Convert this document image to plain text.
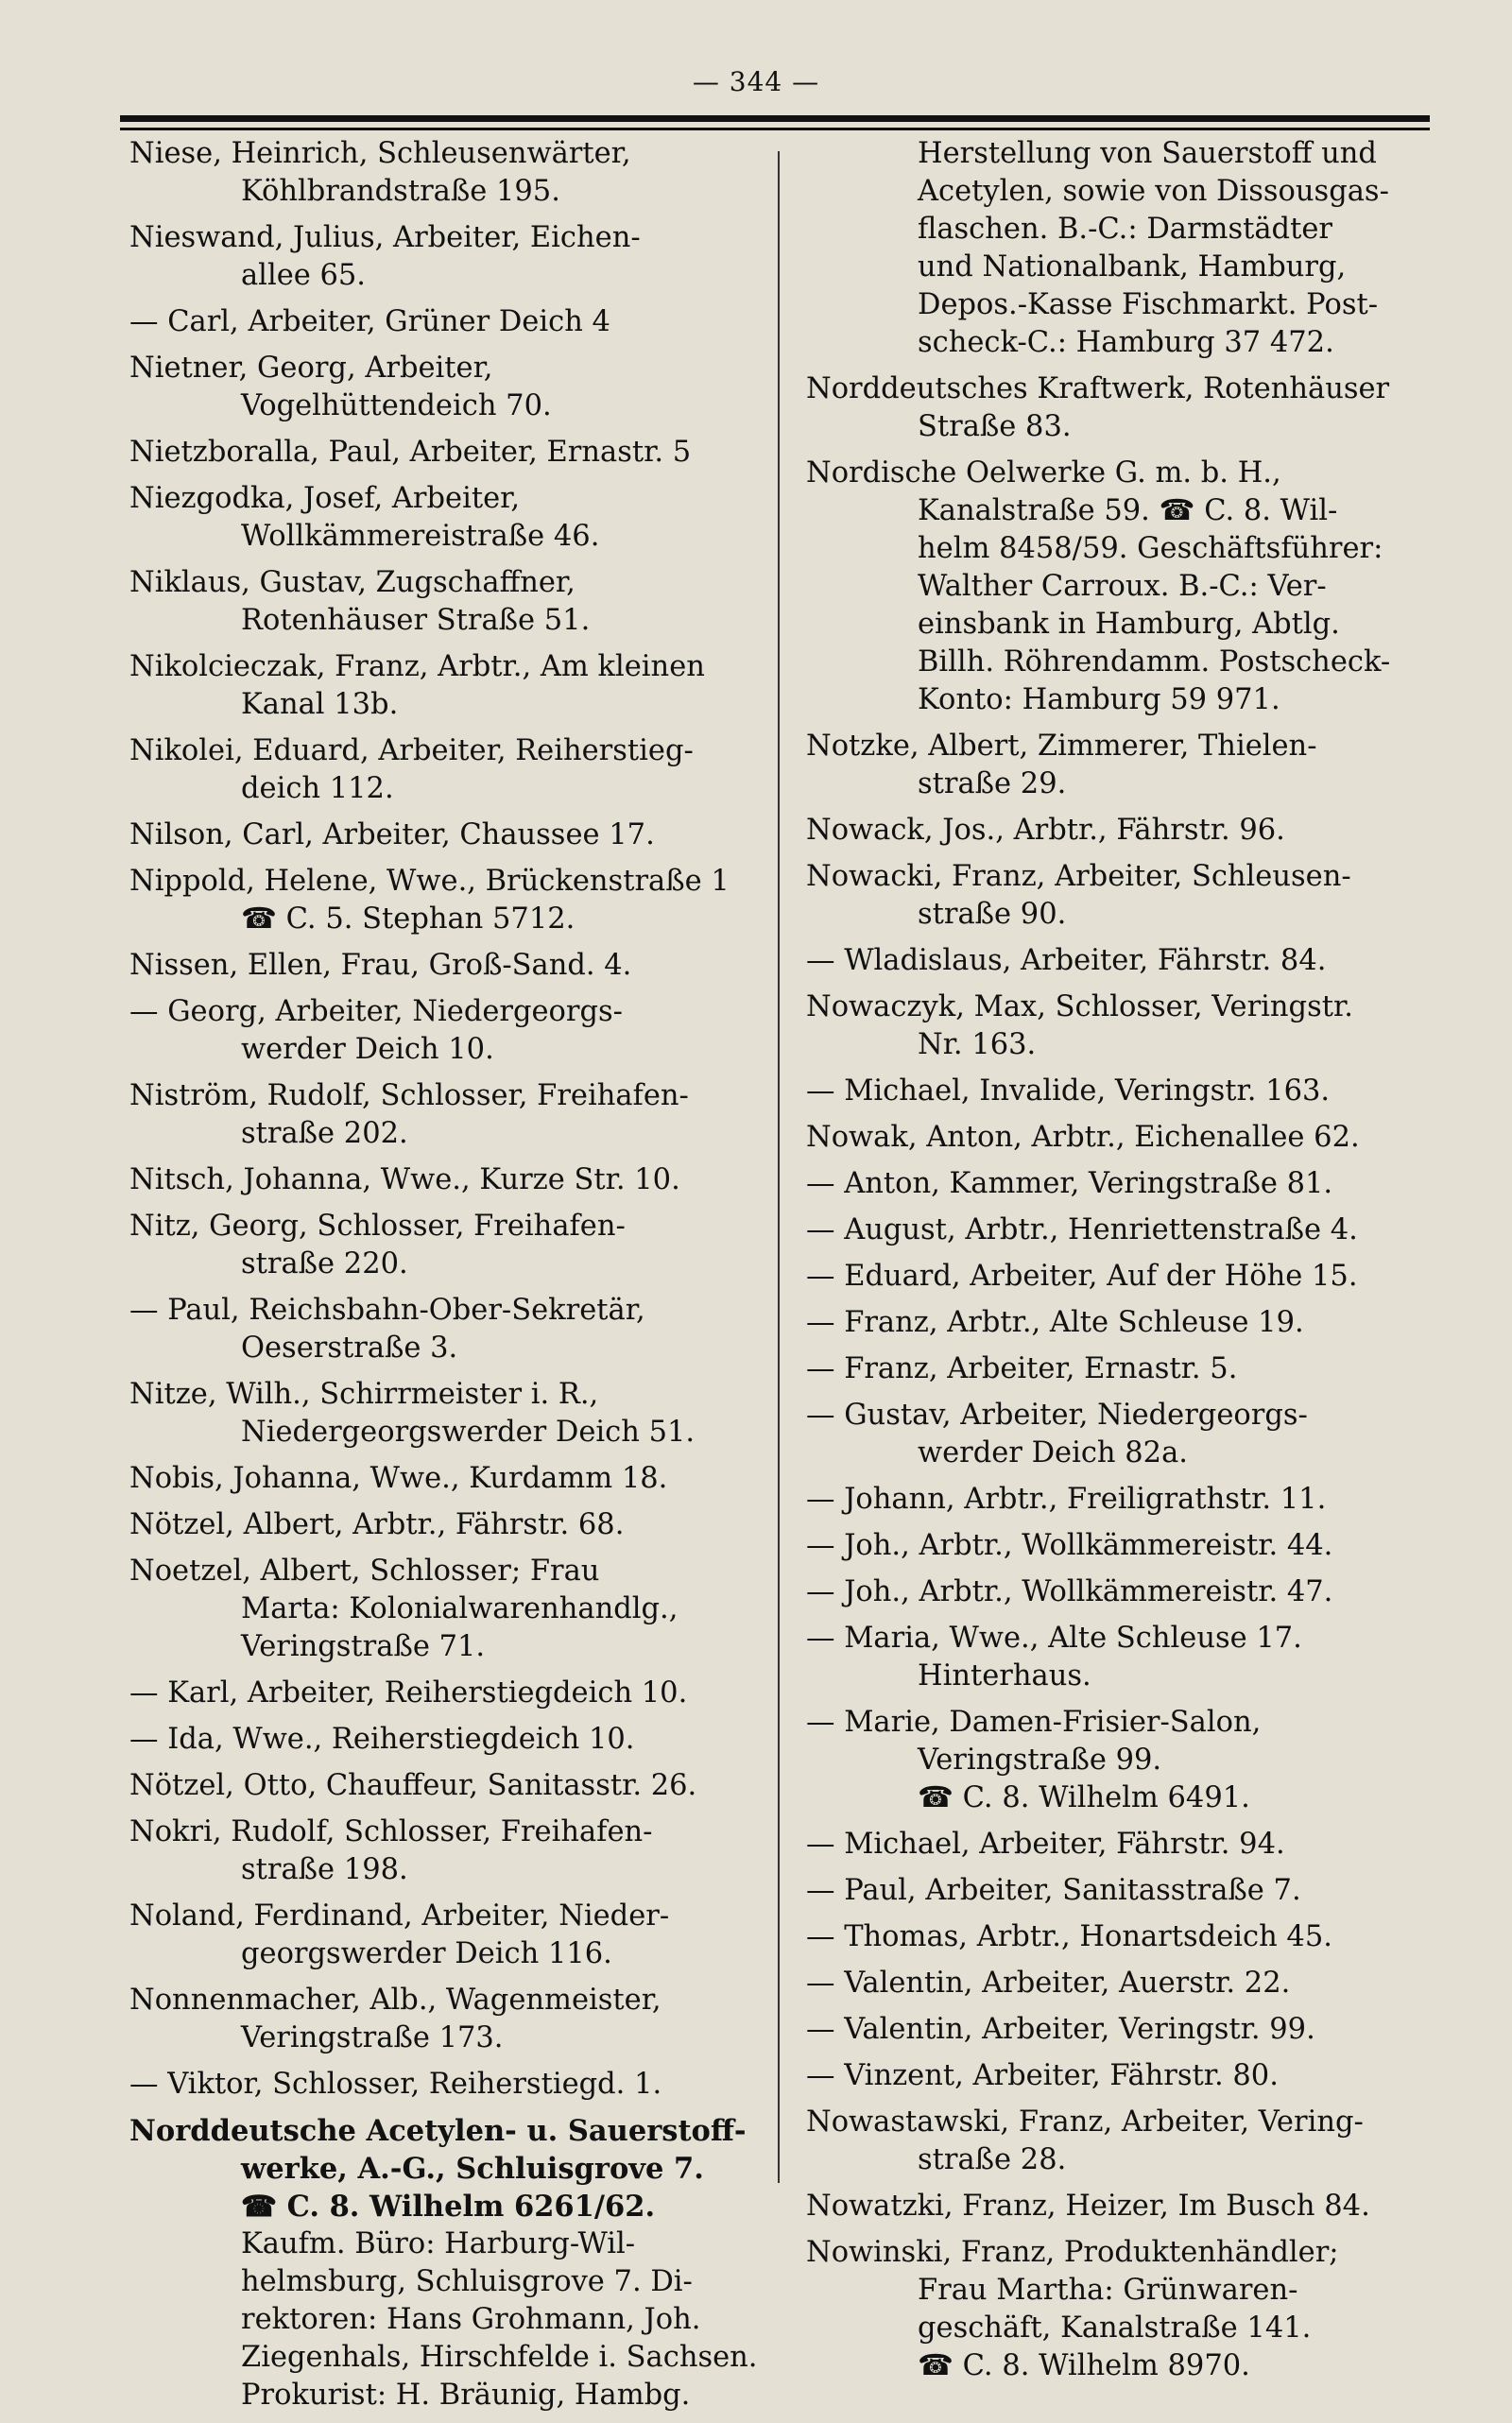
— 344 —
Niese, Heinrich, Schleusenwärter,
Köhlbrandstraße 195.
Nieswand, Julius, Arbeiter, Eichen-
allee 65.
— Carl, Arbeiter, Grüner Deich 4
Nietner, Georg, Arbeiter,
Vogelhüttendeich 70.
Nietzboralla, Paul, Arbeiter, Ernastr. 5
Niezgodka, Josef, Arbeiter,
Wollkämmereistraße 46.
Niklaus, Gustav, Zugschaffner,
Rotenhäuser Straße 51.
Nikolcieczak, Franz, Arbtr., Am kleinen
Kanal 13b.
Nikolei, Eduard, Arbeiter, Reiherstieg-
deich 112.
Nilson, Carl, Arbeiter, Chaussee 17.
Nippold, Helene, Wwe., Brückenstraße 1
☎ C. 5. Stephan 5712.
Nissen, Ellen, Frau, Groß-Sand. 4.
— Georg, Arbeiter, Niedergeorgs-
werder Deich 10.
Niström, Rudolf, Schlosser, Freihafen-
straße 202.
Nitsch, Johanna, Wwe., Kurze Str. 10.
Nitz, Georg, Schlosser, Freihafen-
straße 220.
— Paul, Reichsbahn-Ober-Sekretär,
Oeserstraße 3.
Nitze, Wilh., Schirrmeister i. R.,
Niedergeorgswerder Deich 51.
Nobis, Johanna, Wwe., Kurdamm 18.
Nötzel, Albert, Arbtr., Fährstr. 68.
Noetzel, Albert, Schlosser; Frau
Marta: Kolonialwarenhandlg.,
Veringstraße 71.
— Karl, Arbeiter, Reiherstiegdeich 10.
— Ida, Wwe., Reiherstiegdeich 10.
Nötzel, Otto, Chauffeur, Sanitasstr. 26.
Nokri, Rudolf, Schlosser, Freihafen-
straße 198.
Noland, Ferdinand, Arbeiter, Nieder-
georgswerder Deich 116.
Nonnenmacher, Alb., Wagenmeister,
Veringstraße 173.
— Viktor, Schlosser, Reiherstiegd. 1.
Norddeutsche Acetylen- u. Sauerstoff-
werke, A.-G., Schluisgrove 7.
☎ C. 8. Wilhelm 6261/62.
Kaufm. Büro: Harburg-Wil-
helmsburg, Schluisgrove 7. Di-
rektoren: Hans Grohmann, Joh.
Ziegenhals, Hirschfelde i. Sachsen.
Prokurist: H. Bräunig, Hambg.
Herstellung von Sauerstoff und
Acetylen, sowie von Dissousgas-
flaschen. B.-C.: Darmstädter
und Nationalbank, Hamburg,
Depos.-Kasse Fischmarkt. Post-
scheck-C.: Hamburg 37 472.
Norddeutsches Kraftwerk, Rotenhäuser
Straße 83.
Nordische Oelwerke G. m. b. H.,
Kanalstraße 59. ☎ C. 8. Wil-
helm 8458/59. Geschäftsführer:
Walther Carroux. B.-C.: Ver-
einsbank in Hamburg, Abtlg.
Billh. Röhrendamm. Postscheck-
Konto: Hamburg 59 971.
Notzke, Albert, Zimmerer, Thielen-
straße 29.
Nowack, Jos., Arbtr., Fährstr. 96.
Nowacki, Franz, Arbeiter, Schleusen-
straße 90.
— Wladislaus, Arbeiter, Fährstr. 84.
Nowaczyk, Max, Schlosser, Veringstr.
Nr. 163.
— Michael, Invalide, Veringstr. 163.
Nowak, Anton, Arbtr., Eichenallee 62.
— Anton, Kammer, Veringstraße 81.
— August, Arbtr., Henriettenstraße 4.
— Eduard, Arbeiter, Auf der Höhe 15.
— Franz, Arbtr., Alte Schleuse 19.
— Franz, Arbeiter, Ernastr. 5.
— Gustav, Arbeiter, Niedergeorgs-
werder Deich 82a.
— Johann, Arbtr., Freiligrathstr. 11.
— Joh., Arbtr., Wollkämmereistr. 44.
— Joh., Arbtr., Wollkämmereistr. 47.
— Maria, Wwe., Alte Schleuse 17.
Hinterhaus.
— Marie, Damen-Frisier-Salon,
Veringstraße 99.
☎ C. 8. Wilhelm 6491.
— Michael, Arbeiter, Fährstr. 94.
— Paul, Arbeiter, Sanitasstraße 7.
— Thomas, Arbtr., Honartsdeich 45.
— Valentin, Arbeiter, Auerstr. 22.
— Valentin, Arbeiter, Veringstr. 99.
— Vinzent, Arbeiter, Fährstr. 80.
Nowastawski, Franz, Arbeiter, Vering-
straße 28.
Nowatzki, Franz, Heizer, Im Busch 84.
Nowinski, Franz, Produktenhändler;
Frau Martha: Grünwaren-
geschäft, Kanalstraße 141.
☎ C. 8. Wilhelm 8970.
